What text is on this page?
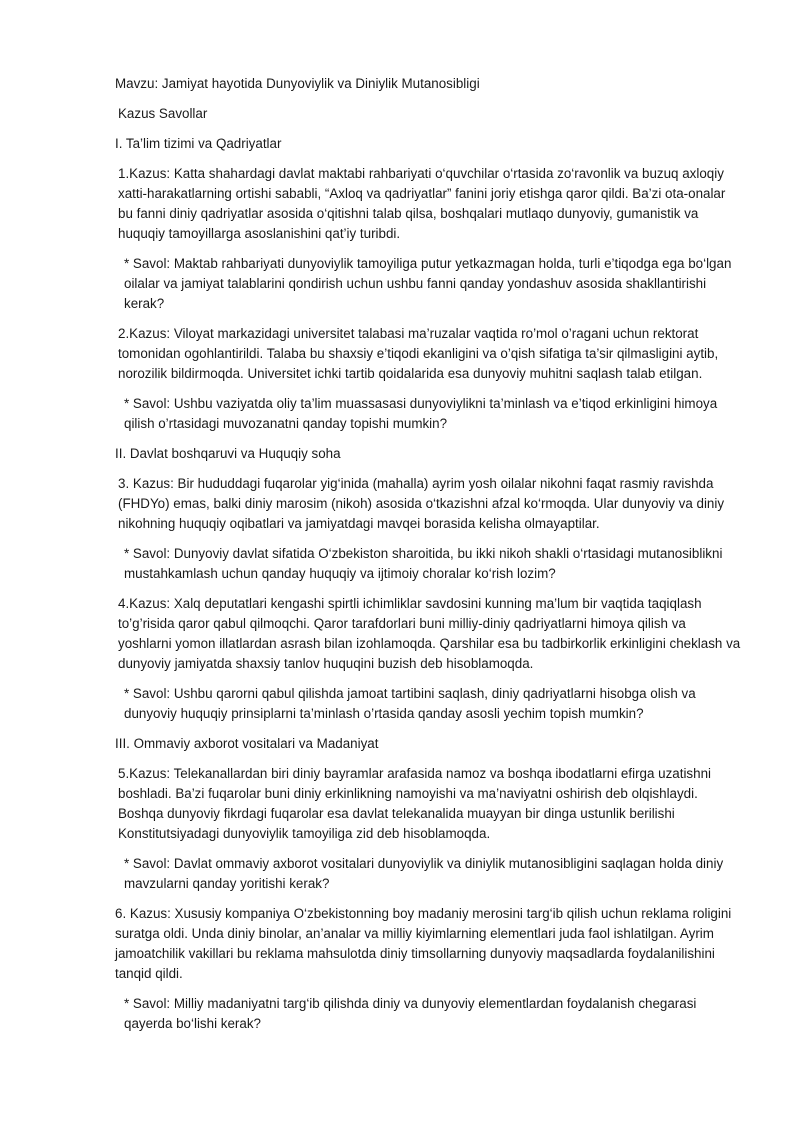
Mavzu: Jamiyat hayotida Dunyoviylik va Diniylik Mutanosibligi

Kazus Savollar

I. Ta’lim tizimi va Qadriyatlar

1.Kazus: Katta shahardagi davlat maktabi rahbariyati o‘quvchilar o‘rtasida zo‘ravonlik va buzuq axloqiy xatti-harakatlarning ortishi sababli, “Axloq va qadriyatlar” fanini joriy etishga qaror qildi. Ba’zi ota-onalar bu fanni diniy qadriyatlar asosida o‘qitishni talab qilsa, boshqalari mutlaqo dunyoviy, gumanistik va huquqiy tamoyillarga asoslanishini qat’iy turibdi.

* Savol: Maktab rahbariyati dunyoviylik tamoyiliga putur yetkazmagan holda, turli e’tiqodga ega bo‘lgan oilalar va jamiyat talablarini qondirish uchun ushbu fanni qanday yondashuv asosida shakllantirishi kerak?

2.Kazus: Viloyat markazidagi universitet talabasi ma’ruzalar vaqtida ro’mol o’ragani uchun rektorat tomonidan ogohlantirildi. Talaba bu shaxsiy e’tiqodi ekanligini va o’qish sifatiga ta’sir qilmasligini aytib, norozilik bildirmoqda. Universitet ichki tartib qoidalarida esa dunyoviy muhitni saqlash talab etilgan.

* Savol: Ushbu vaziyatda oliy ta’lim muassasasi dunyoviylikni ta’minlash va e’tiqod erkinligini himoya qilish o’rtasidagi muvozanatni qanday topishi mumkin?

II. Davlat boshqaruvi va Huquqiy soha

3. Kazus: Bir hududdagi fuqarolar yig‘inida (mahalla) ayrim yosh oilalar nikohni faqat rasmiy ravishda (FHDYo) emas, balki diniy marosim (nikoh) asosida o‘tkazishni afzal ko‘rmoqda. Ular dunyoviy va diniy nikohning huquqiy oqibatlari va jamiyatdagi mavqei borasida kelisha olmayaptilar.

* Savol: Dunyoviy davlat sifatida O‘zbekiston sharoitida, bu ikki nikoh shakli o‘rtasidagi mutanosiblikni mustahkamlash uchun qanday huquqiy va ijtimoiy choralar ko‘rish lozim?

4.Kazus: Xalq deputatlari kengashi spirtli ichimliklar savdosini kunning ma’lum bir vaqtida taqiqlash to’g’risida qaror qabul qilmoqchi. Qaror tarafdorlari buni milliy-diniy qadriyatlarni himoya qilish va yoshlarni yomon illatlardan asrash bilan izohlamoqda. Qarshilar esa bu tadbirkorlik erkinligini cheklash va dunyoviy jamiyatda shaxsiy tanlov huquqini buzish deb hisoblamoqda.

* Savol: Ushbu qarorni qabul qilishda jamoat tartibini saqlash, diniy qadriyatlarni hisobga olish va dunyoviy huquqiy prinsiplarni ta’minlash o’rtasida qanday asosli yechim topish mumkin?

III. Ommaviy axborot vositalari va Madaniyat

5.Kazus: Telekanallardan biri diniy bayramlar arafasida namoz va boshqa ibodatlarni efirga uzatishni boshladi. Ba’zi fuqarolar buni diniy erkinlikning namoyishi va ma’naviyatni oshirish deb olqishlaydi. Boshqa dunyoviy fikrdagi fuqarolar esa davlat telekanalida muayyan bir dinga ustunlik berilishi Konstitutsiyadagi dunyoviylik tamoyiliga zid deb hisoblamoqda.

* Savol: Davlat ommaviy axborot vositalari dunyoviylik va diniylik mutanosibligini saqlagan holda diniy mavzularni qanday yoritishi kerak?

6. Kazus: Xususiy kompaniya O‘zbekistonning boy madaniy merosini targ‘ib qilish uchun reklama roligini suratga oldi. Unda diniy binolar, an’analar va milliy kiyimlarning elementlari juda faol ishlatilgan. Ayrim jamoatchilik vakillari bu reklama mahsulotda diniy timsollarning dunyoviy maqsadlarda foydalanilishini tanqid qildi.

* Savol: Milliy madaniyatni targ‘ib qilishda diniy va dunyoviy elementlardan foydalanish chegarasi qayerda bo‘lishi kerak?
